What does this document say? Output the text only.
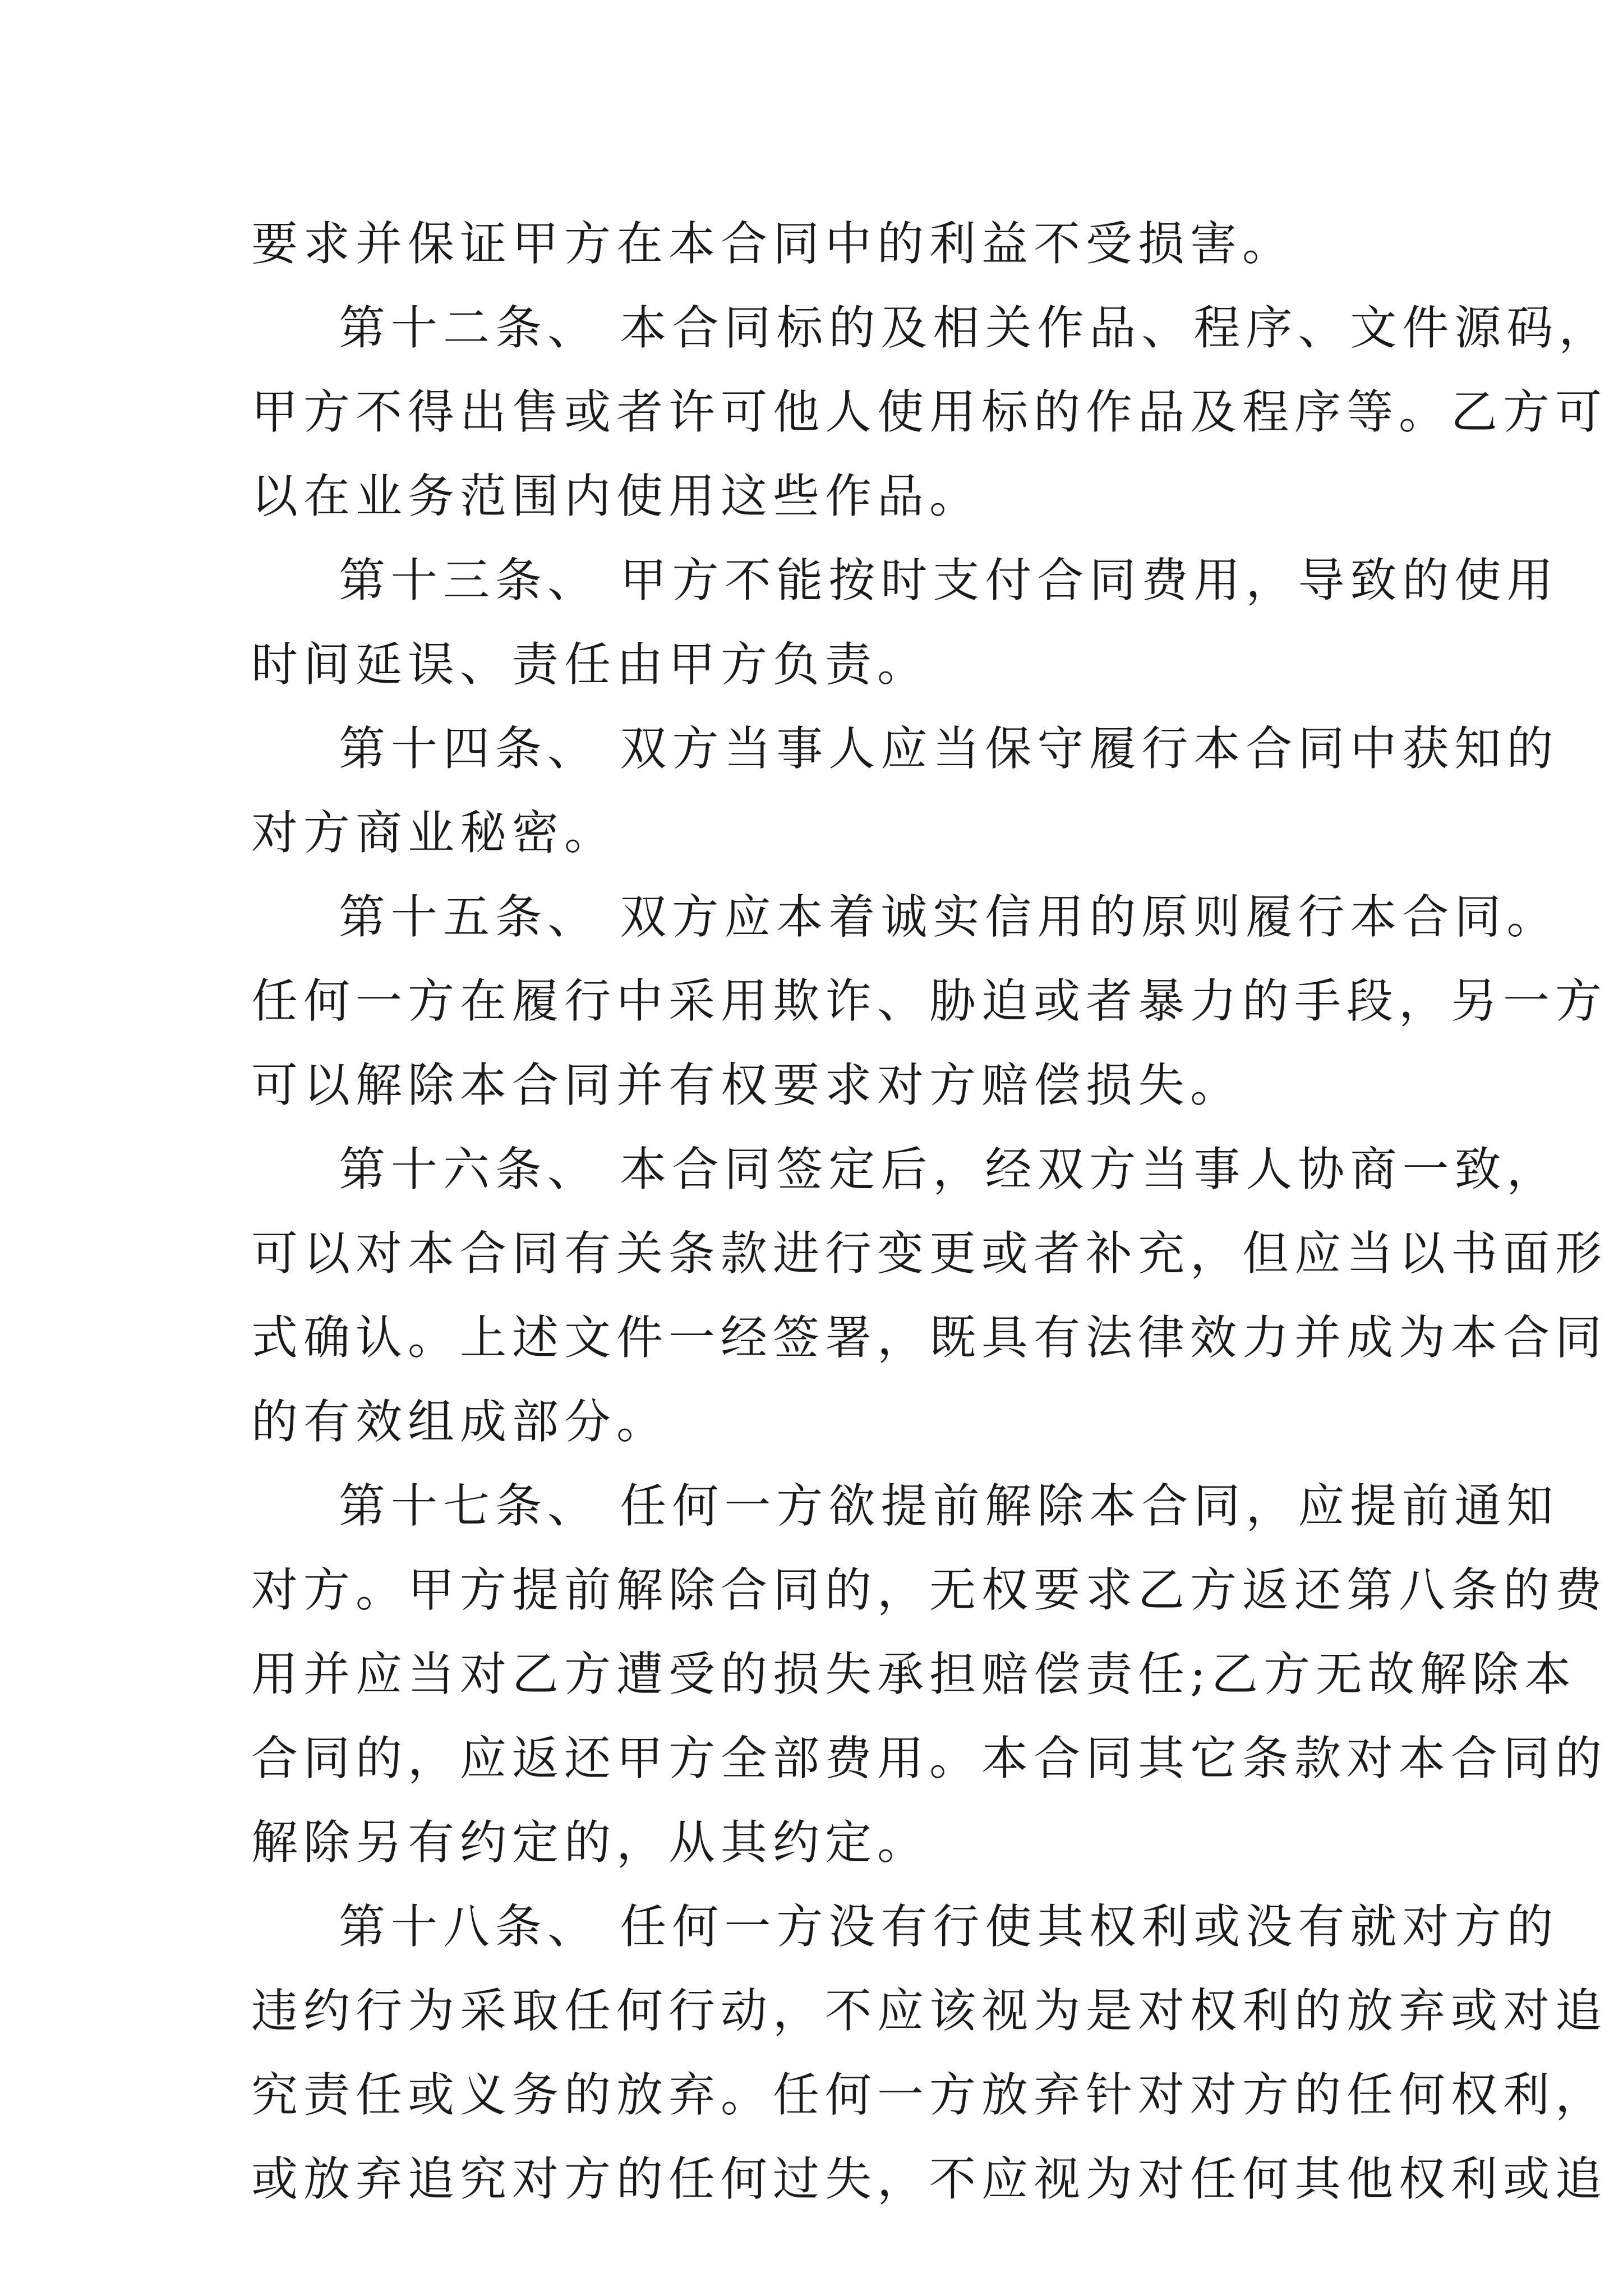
要求并保证甲方在本合同中的利益不受损害。
第十二条、 本合同标的及相关作品、程序、文件源码，
甲方不得出售或者许可他人使用标的作品及程序等。乙方可
以在业务范围内使用这些作品。
第十三条、 甲方不能按时支付合同费用，导致的使用
时间延误、责任由甲方负责。
第十四条、 双方当事人应当保守履行本合同中获知的
对方商业秘密。
第十五条、 双方应本着诚实信用的原则履行本合同。
任何一方在履行中采用欺诈、胁迫或者暴力的手段，另一方
可以解除本合同并有权要求对方赔偿损失。
第十六条、 本合同签定后，经双方当事人协商一致，
可以对本合同有关条款进行变更或者补充，但应当以书面形
式确认。上述文件一经签署，既具有法律效力并成为本合同
的有效组成部分。
第十七条、 任何一方欲提前解除本合同，应提前通知
对方。甲方提前解除合同的，无权要求乙方返还第八条的费
用并应当对乙方遭受的损失承担赔偿责任;乙方无故解除本
合同的，应返还甲方全部费用。本合同其它条款对本合同的
解除另有约定的，从其约定。
第十八条、 任何一方没有行使其权利或没有就对方的
违约行为采取任何行动，不应该视为是对权利的放弃或对追
究责任或义务的放弃。任何一方放弃针对对方的任何权利，
或放弃追究对方的任何过失，不应视为对任何其他权利或追
